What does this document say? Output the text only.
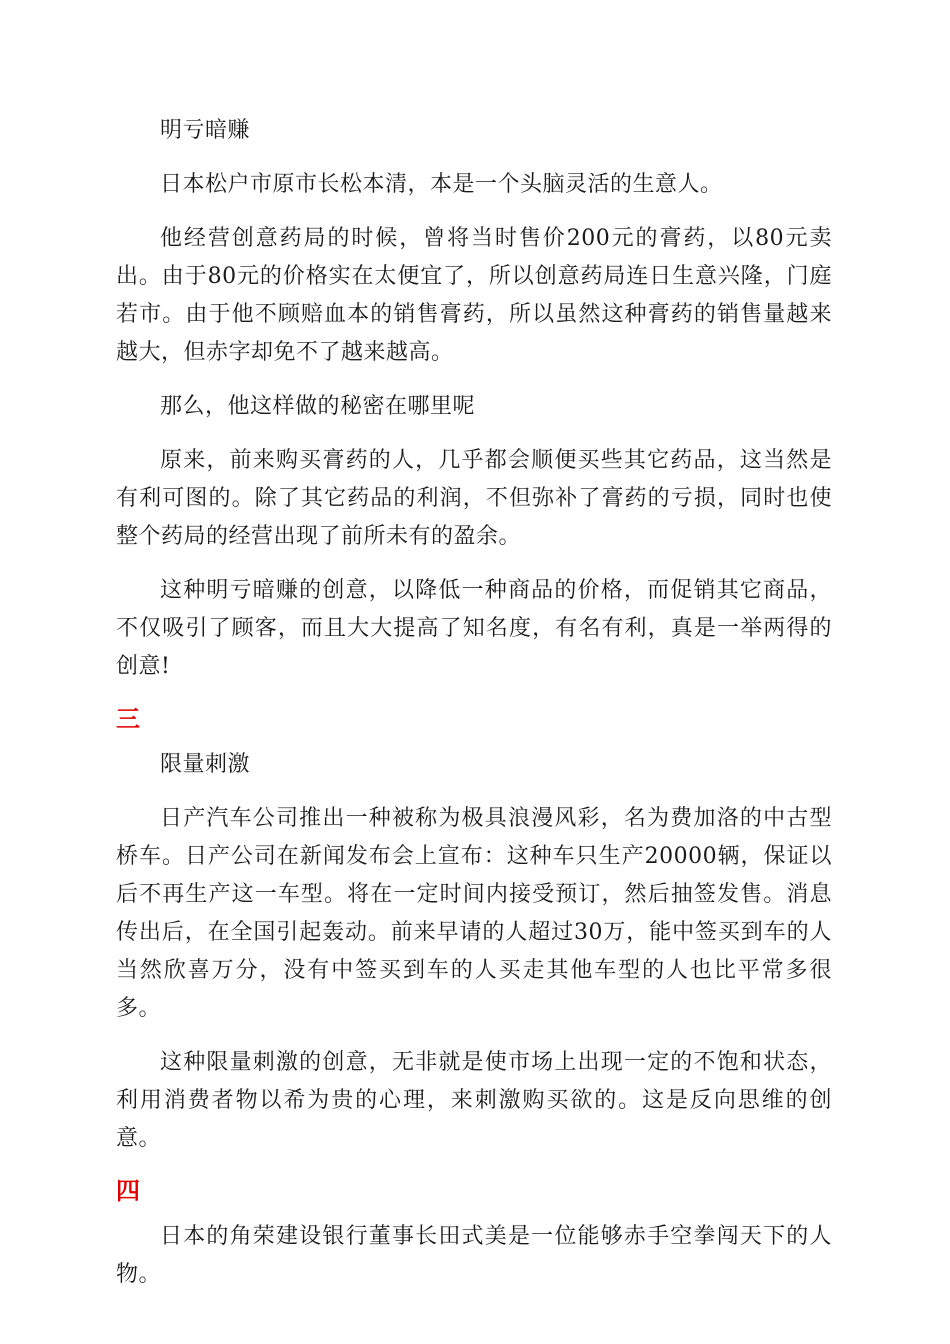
明亏暗赚

日本松户市原市长松本清，本是一个头脑灵活的生意人。

他经营创意药局的时候，曾将当时售价200元的膏药，以80元卖出。由于80元的价格实在太便宜了，所以创意药局连日生意兴隆，门庭若市。由于他不顾赔血本的销售膏药，所以虽然这种膏药的销售量越来越大，但赤字却免不了越来越高。

那么，他这样做的秘密在哪里呢

原来，前来购买膏药的人，几乎都会顺便买些其它药品，这当然是有利可图的。除了其它药品的利润，不但弥补了膏药的亏损，同时也使整个药局的经营出现了前所未有的盈余。

这种明亏暗赚的创意，以降低一种商品的价格，而促销其它商品，不仅吸引了顾客，而且大大提高了知名度，有名有利，真是一举两得的创意!

三

限量刺激

日产汽车公司推出一种被称为极具浪漫风彩，名为费加洛的中古型桥车。日产公司在新闻发布会上宣布：这种车只生产20000辆，保证以后不再生产这一车型。将在一定时间内接受预订，然后抽签发售。消息传出后，在全国引起轰动。前来早请的人超过30万，能中签买到车的人当然欣喜万分，没有中签买到车的人买走其他车型的人也比平常多很多。

这种限量刺激的创意，无非就是使市场上出现一定的不饱和状态，利用消费者物以希为贵的心理，来刺激购买欲的。这是反向思维的创意。

四

日本的角荣建设银行董事长田式美是一位能够赤手空拳闯天下的人物。
